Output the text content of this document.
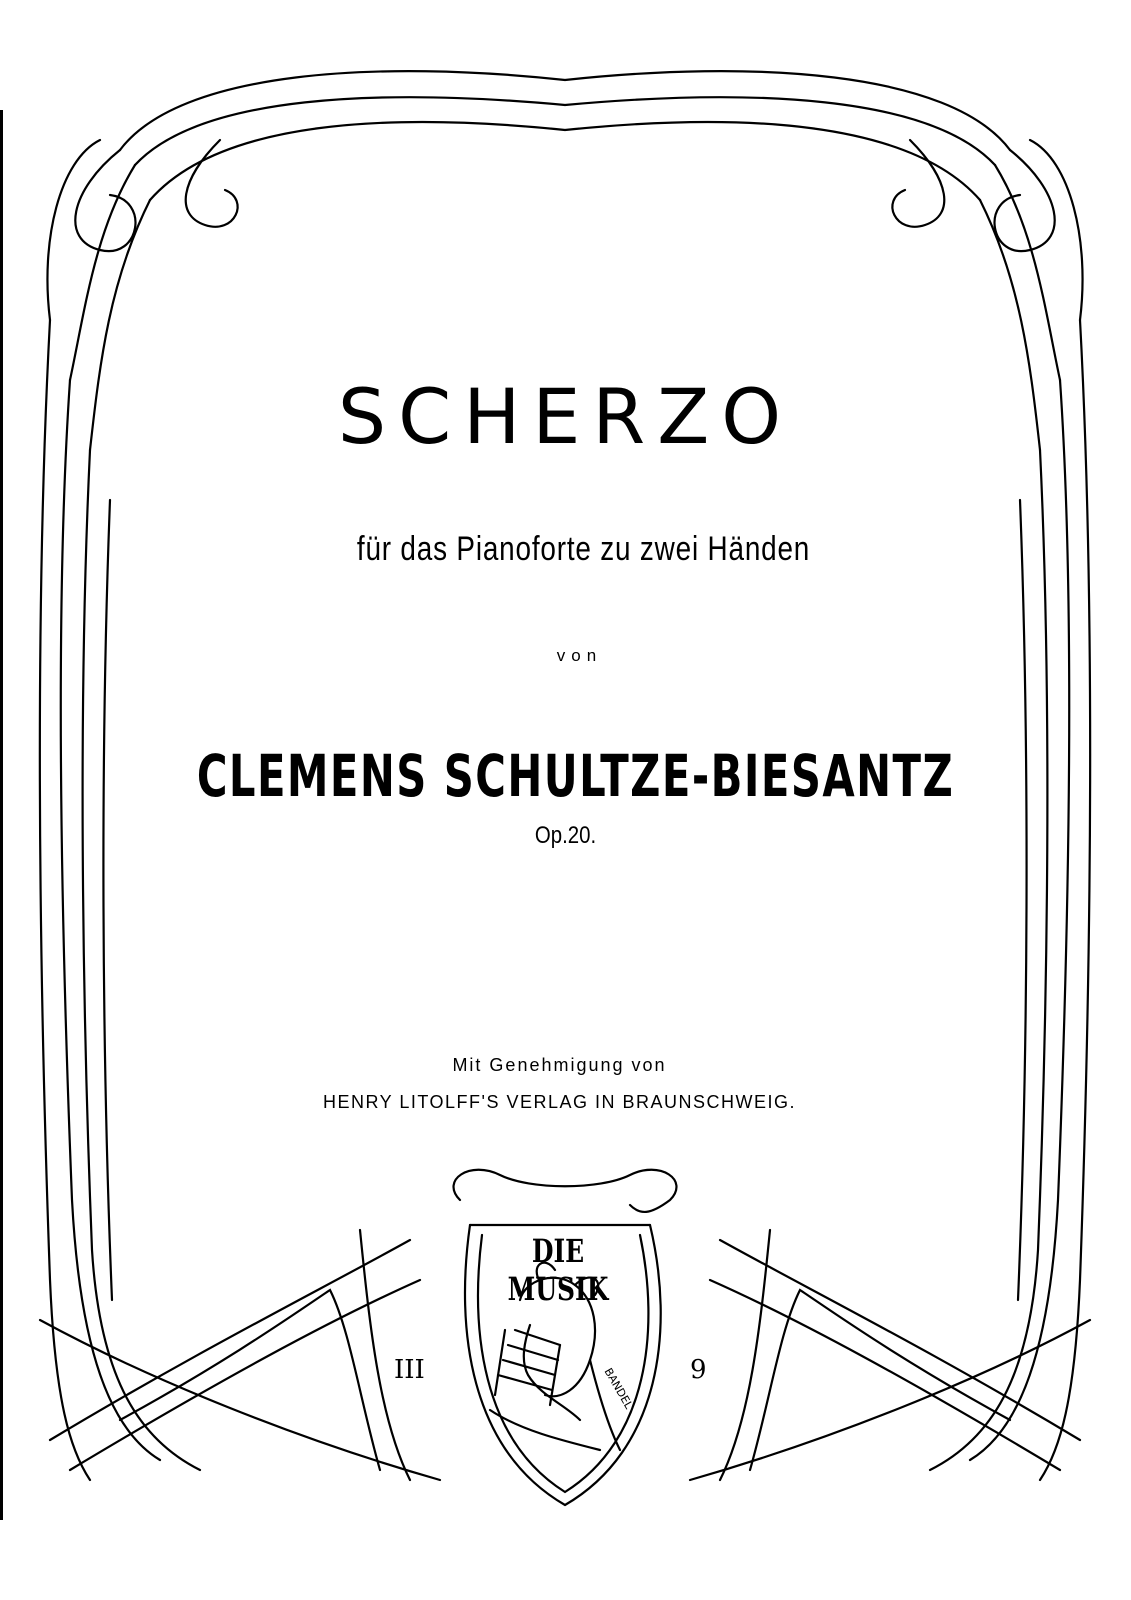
SCHERZO
für das Pianoforte zu zwei Händen
von
CLEMENS SCHULTZE-BIESANTZ
Op.20.
Mit Genehmigung von
HENRY LITOLFF'S VERLAG IN BRAUNSCHWEIG.
DIE MUSIK
III	9
BANDEL
